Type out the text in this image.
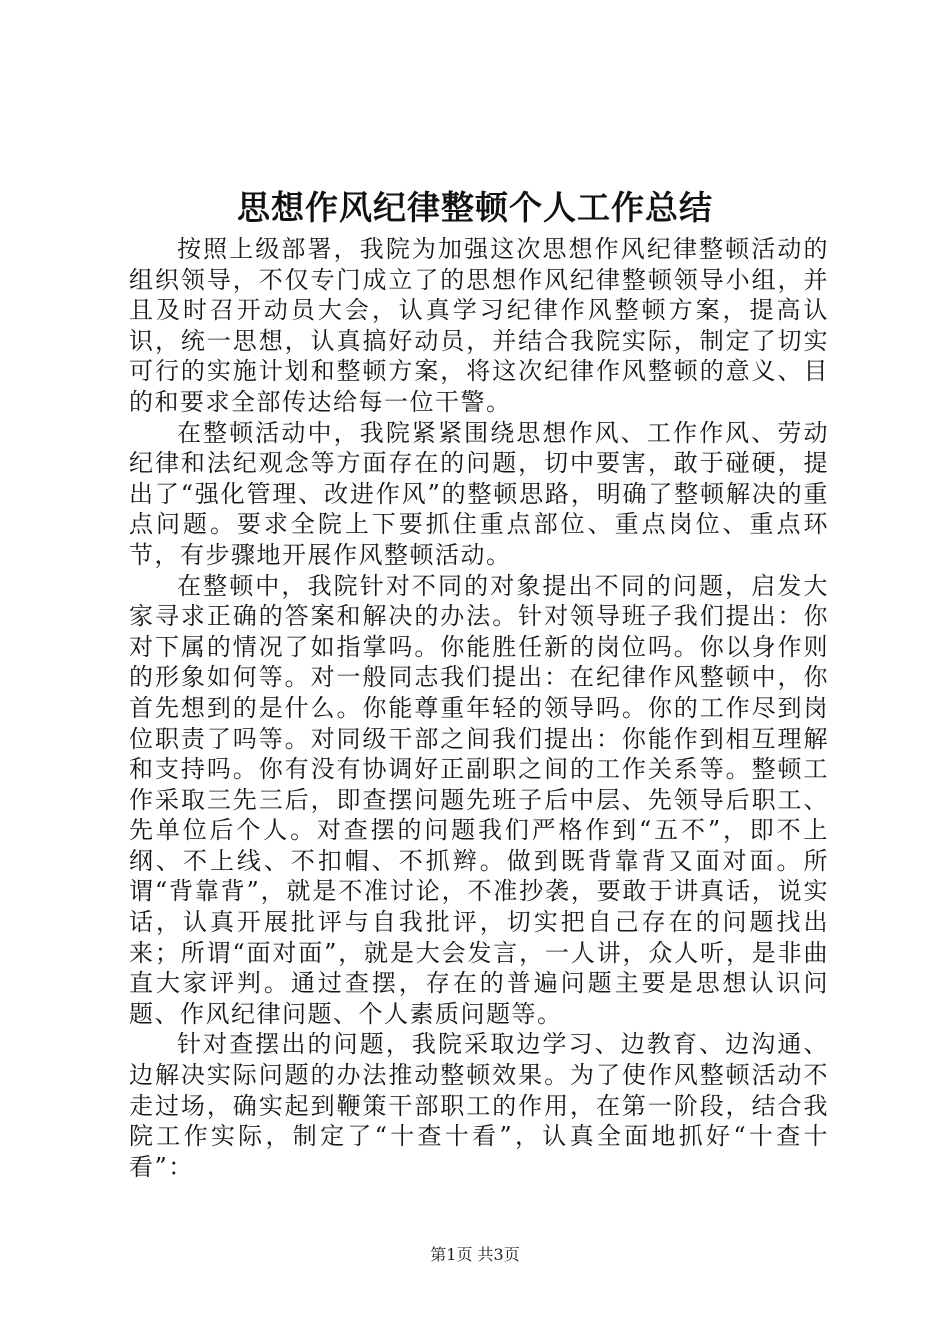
思想作风纪律整顿个人工作总结

按照上级部署，我院为加强这次思想作风纪律整顿活动的组织领导，不仅专门成立了的思想作风纪律整顿领导小组，并且及时召开动员大会，认真学习纪律作风整顿方案，提高认识，统一思想，认真搞好动员，并结合我院实际，制定了切实可行的实施计划和整顿方案，将这次纪律作风整顿的意义、目的和要求全部传达给每一位干警。

在整顿活动中，我院紧紧围绕思想作风、工作作风、劳动纪律和法纪观念等方面存在的问题，切中要害，敢于碰硬，提出了“强化管理、改进作风”的整顿思路，明确了整顿解决的重点问题。要求全院上下要抓住重点部位、重点岗位、重点环节，有步骤地开展作风整顿活动。

在整顿中，我院针对不同的对象提出不同的问题，启发大家寻求正确的答案和解决的办法。针对领导班子我们提出：你对下属的情况了如指掌吗。你能胜任新的岗位吗。你以身作则的形象如何等。对一般同志我们提出：在纪律作风整顿中，你首先想到的是什么。你能尊重年轻的领导吗。你的工作尽到岗位职责了吗等。对同级干部之间我们提出：你能作到相互理解和支持吗。你有没有协调好正副职之间的工作关系等。整顿工作采取三先三后，即查摆问题先班子后中层、先领导后职工、先单位后个人。对查摆的问题我们严格作到“五不”，即不上纲、不上线、不扣帽、不抓辫。做到既背靠背又面对面。所谓“背靠背”，就是不准讨论，不准抄袭，要敢于讲真话，说实话，认真开展批评与自我批评，切实把自己存在的问题找出来；所谓“面对面”，就是大会发言，一人讲，众人听，是非曲直大家评判。通过查摆，存在的普遍问题主要是思想认识问题、作风纪律问题、个人素质问题等。

针对查摆出的问题，我院采取边学习、边教育、边沟通、边解决实际问题的办法推动整顿效果。为了使作风整顿活动不走过场，确实起到鞭策干部职工的作用，在第一阶段，结合我院工作实际，制定了“十查十看”，认真全面地抓好“十查十看”：

第1页 共3页
